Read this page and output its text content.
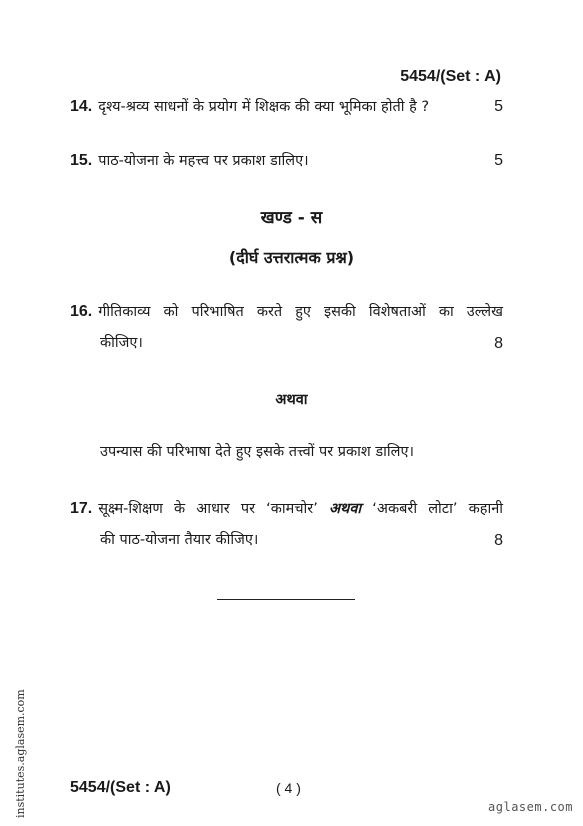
5454/(Set : A)
14. दृश्य-श्रव्य साधनों के प्रयोग में शिक्षक की क्या भूमिका होती है ?	5
15. पाठ-योजना के महत्त्व पर प्रकाश डालिए।	5
खण्ड - स
(दीर्घ उत्तरात्मक प्रश्न)
16. गीतिकाव्य को परिभाषित करते हुए इसकी विशेषताओं का उल्लेख
कीजिए।	8
अथवा
उपन्यास की परिभाषा देते हुए इसके तत्त्वों पर प्रकाश डालिए।
17. सूक्ष्म-शिक्षण के आधार पर ‘कामचोर’ अथवा ‘अकबरी लोटा’ कहानी
की पाठ-योजना तैयार कीजिए।	8
5454/(Set : A)	( 4 )
aglasem.com
institutes.aglasem.com
